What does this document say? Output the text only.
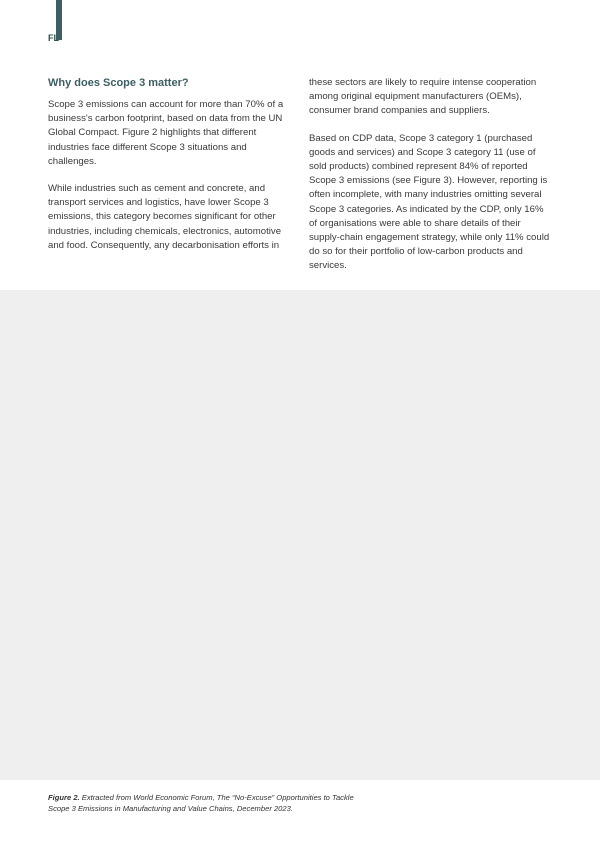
FL
Why does Scope 3 matter?

Scope 3 emissions can account for more than 70% of a business's carbon footprint, based on data from the UN Global Compact. Figure 2 highlights that different industries face different Scope 3 situations and challenges.

While industries such as cement and concrete, and transport services and logistics, have lower Scope 3 emissions, this category becomes significant for other industries, including chemicals, electronics, automotive and food. Consequently, any decarbonisation efforts in

these sectors are likely to require intense cooperation among original equipment manufacturers (OEMs), consumer brand companies and suppliers.

Based on CDP data, Scope 3 category 1 (purchased goods and services) and Scope 3 category 11 (use of sold products) combined represent 84% of reported Scope 3 emissions (see Figure 3). However, reporting is often incomplete, with many industries omitting several Scope 3 categories. As indicated by the CDP, only 16% of organisations were able to share details of their supply-chain engagement strategy, while only 11% could do so for their portfolio of low-carbon products and services.

Figure 2. Extracted from World Economic Forum, The “No-Excuse” Opportunities to Tackle Scope 3 Emissions in Manufacturing and Value Chains, December 2023.
